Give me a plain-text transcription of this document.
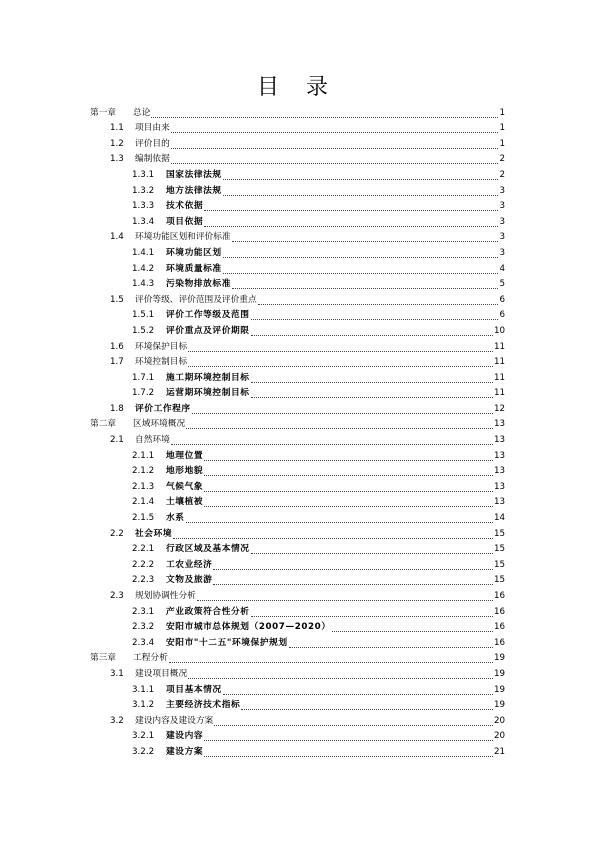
目 录
第一章	总论	1
1.1	项目由来	1
1.2	评价目的	1
1.3	编制依据	2
1.3.1	国家法律法规	2
1.3.2	地方法律法规	3
1.3.3	技术依据	3
1.3.4	项目依据	3
1.4	环境功能区划和评价标准	3
1.4.1	环境功能区划	3
1.4.2	环境质量标准	4
1.4.3	污染物排放标准	5
1.5	评价等级、评价范围及评价重点	6
1.5.1	评价工作等级及范围	6
1.5.2	评价重点及评价期限	10
1.6	环境保护目标	11
1.7	环境控制目标	11
1.7.1	施工期环境控制目标	11
1.7.2	运营期环境控制目标	11
1.8	评价工作程序	12
第二章	区域环境概况	13
2.1	自然环境	13
2.1.1	地理位置	13
2.1.2	地形地貌	13
2.1.3	气候气象	13
2.1.4	土壤植被	13
2.1.5	水系	14
2.2	社会环境	15
2.2.1	行政区域及基本情况	15
2.2.2	工农业经济	15
2.2.3	文物及旅游	15
2.3	规划协调性分析	16
2.3.1	产业政策符合性分析	16
2.3.2	安阳市城市总体规划（2007—2020）	16
2.3.4	安阳市"十二五"环境保护规划	16
第三章	工程分析	19
3.1	建设项目概况	19
3.1.1	项目基本情况	19
3.1.2	主要经济技术指标	19
3.2	建设内容及建设方案	20
3.2.1	建设内容	20
3.2.2	建设方案	21
